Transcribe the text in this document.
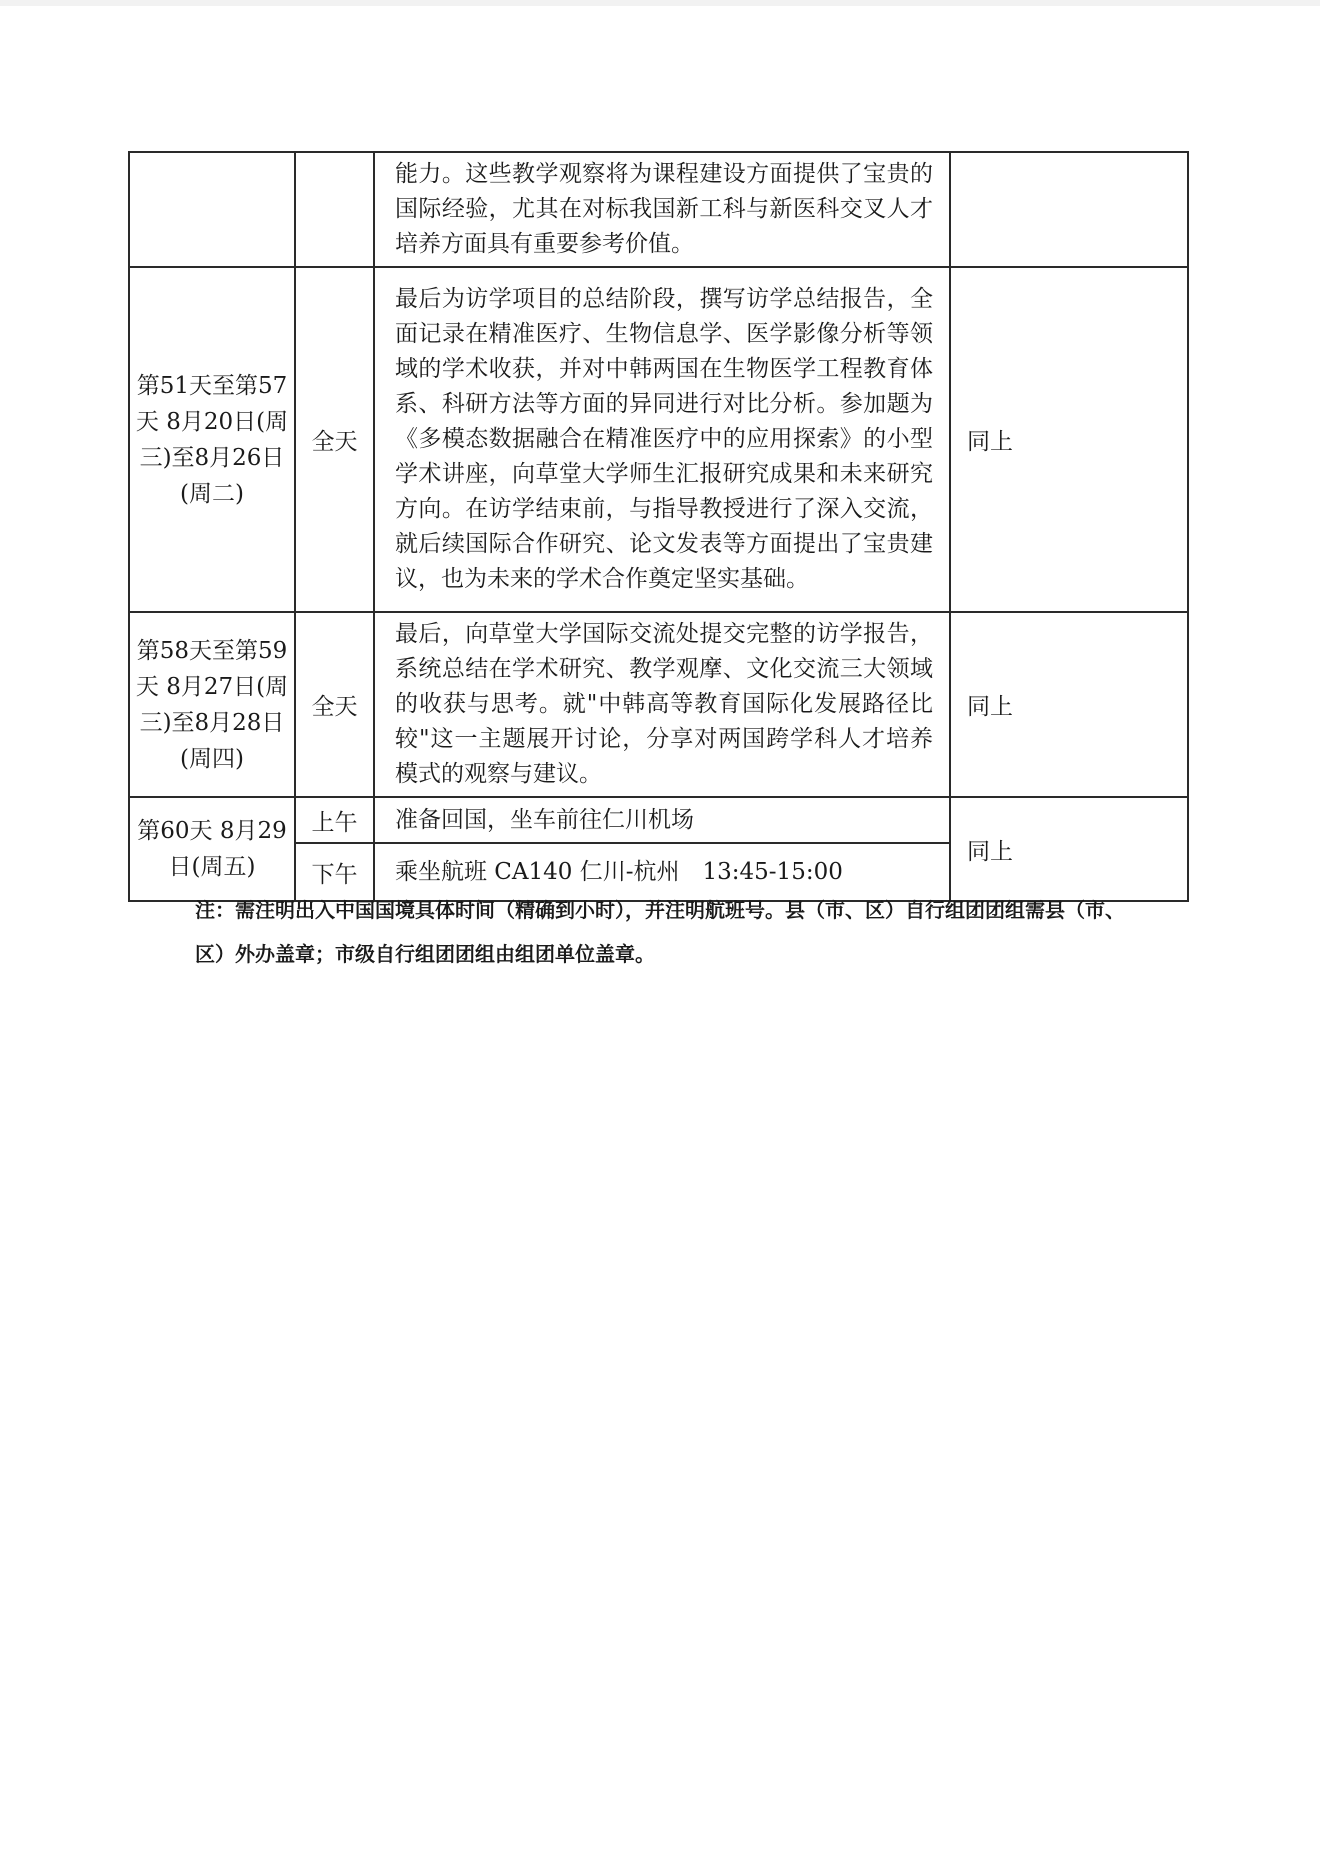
		能力。这些教学观察将为课程建设方面提供了宝贵的国际经验，尤其在对标我国新工科与新医科交叉人才培养方面具有重要参考价值。	
第51天至第57天 8月20日(周三)至8月26日(周二)	全天	最后为访学项目的总结阶段，撰写访学总结报告，全面记录在精准医疗、生物信息学、医学影像分析等领域的学术收获，并对中韩两国在生物医学工程教育体系、科研方法等方面的异同进行对比分析。参加题为《多模态数据融合在精准医疗中的应用探索》的小型学术讲座，向草堂大学师生汇报研究成果和未来研究方向。在访学结束前，与指导教授进行了深入交流，就后续国际合作研究、论文发表等方面提出了宝贵建议，也为未来的学术合作奠定坚实基础。	同上
第58天至第59天 8月27日(周三)至8月28日(周四)	全天	最后，向草堂大学国际交流处提交完整的访学报告，系统总结在学术研究、教学观摩、文化交流三大领域的收获与思考。就"中韩高等教育国际化发展路径比较"这一主题展开讨论，分享对两国跨学科人才培养模式的观察与建议。	同上
第60天 8月29日(周五)	上午	准备回国，坐车前往仁川机场	同上
	下午	乘坐航班 CA140 仁川-杭州　13:45-15:00	
注：需注明出入中国国境具体时间（精确到小时），并注明航班号。县（市、区）自行组团团组需县（市、区）外办盖章；市级自行组团团组由组团单位盖章。
